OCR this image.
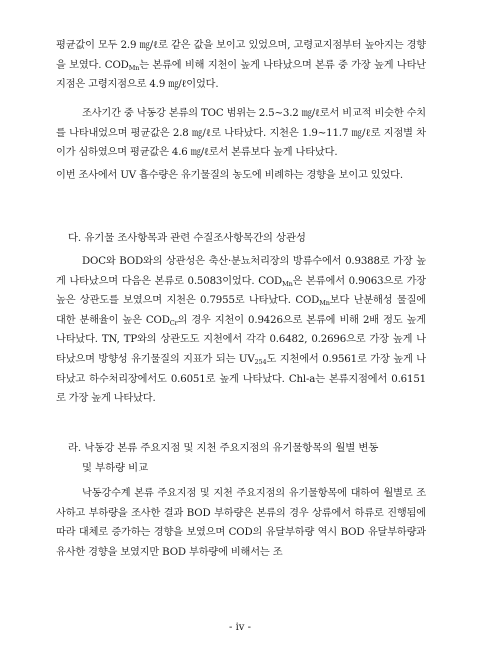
평균값이 모두 2.9 ㎎/ℓ로 같은 값을 보이고 있었으며, 고령교지점부터 높아지는 경향을 보였다. $COD_{Mn}$는 본류에 비해 지천이 높게 나타났으며 본류 중 가장 높게 나타난 지점은 고령지점으로 4.9 ㎎/ℓ이었다.

조사기간 중 낙동강 본류의 TOC 범위는 2.5∼3.2 ㎎/ℓ로서 비교적 비슷한 수치를 나타내었으며 평균값은 2.8 ㎎/ℓ로 나타났다. 지천은 1.9∼11.7 ㎎/ℓ로 지점별 차이가 심하였으며 평균값은 4.6 ㎎/ℓ로서 본류보다 높게 나타났다.

이번 조사에서 UV 흡수량은 유기물질의 농도에 비례하는 경향을 보이고 있었다.

다. 유기물 조사항목과 관련 수질조사항목간의 상관성

DOC와 BOD와의 상관성은 축산·분뇨처리장의 방류수에서 0.9388로 가장 높게 나타났으며 다음은 본류로 0.5083이었다. $COD_{Mn}$은 본류에서 0.9063으로 가장 높은 상관도를 보였으며 지천은 0.7955로 나타났다. $COD_{Mn}$보다 난분해성 물질에 대한 분해율이 높은 $COD_{Cr}$의 경우 지천이 0.9426으로 본류에 비해 2배 정도 높게 나타났다. TN, TP와의 상관도도 지천에서 각각 0.6482, 0.2696으로 가장 높게 나타났으며 방향성 유기물질의 지표가 되는 $UV_{254}$도 지천에서 0.9561로 가장 높게 나타났고 하수처리장에서도 0.6051로 높게 나타났다. Chl-a는 본류지점에서 0.6151로 가장 높게 나타났다.

라. 낙동강 본류 주요지점 및 지천 주요지점의 유기물항목의 월별 변동
및 부하량 비교

낙동강수계 본류 주요지점 및 지천 주요지점의 유기물항목에 대하여 월별로 조사하고 부하량을 조사한 결과 BOD 부하량은 본류의 경우 상류에서 하류로 진행됨에 따라 대체로 증가하는 경향을 보였으며 COD의 유달부하량 역시 BOD 유달부하량과 유사한 경향을 보였지만 BOD 부하량에 비해서는 조

- iv -
